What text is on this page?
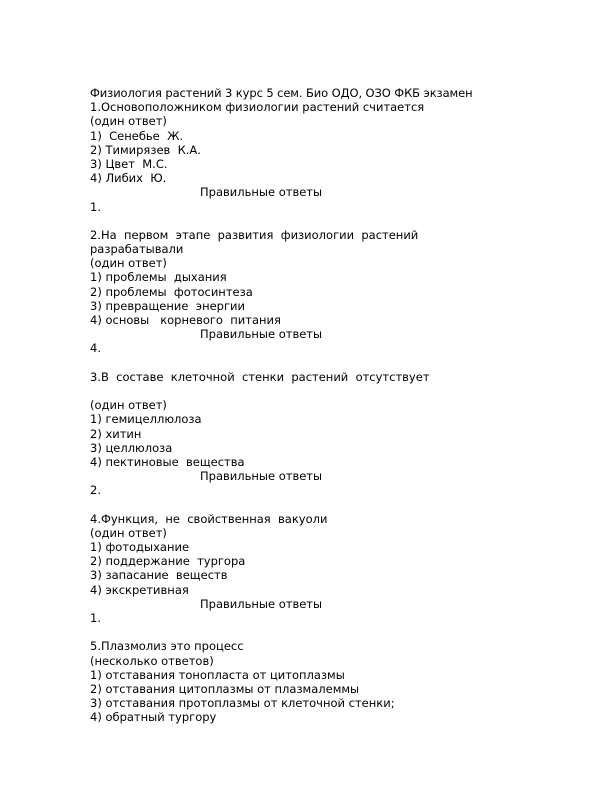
Физиология растений 3 курс 5 сем. Био ОДО, ОЗО ФКБ экзамен
1.Основоположником физиологии растений считается
(один ответ)
1)  Сенебье  Ж.
2) Тимирязев  К.А.
3) Цвет  М.С.
4) Либих  Ю.
Правильные ответы
1.
2.На  первом  этапе  развития  физиологии  растений
разрабатывали
(один ответ)
1) проблемы  дыхания
2) проблемы  фотосинтеза
3) превращение  энергии
4) основы   корневого  питания
Правильные ответы
4.
3.В  составе  клеточной  стенки  растений  отсутствует
(один ответ)
1) гемицеллюлоза
2) хитин
3) целлюлоза
4) пектиновые  вещества
Правильные ответы
2.
4.Функция,  не  свойственная  вакуоли
(один ответ)
1) фотодыхание
2) поддержание  тургора
3) запасание  веществ
4) экскретивная
Правильные ответы
1.
5.Плазмолиз это процесс
(несколько ответов)
1) отставания тонопласта от цитоплазмы
2) отставания цитоплазмы от плазмалеммы
3) отставания протоплазмы от клеточной стенки;
4) обратный тургору
